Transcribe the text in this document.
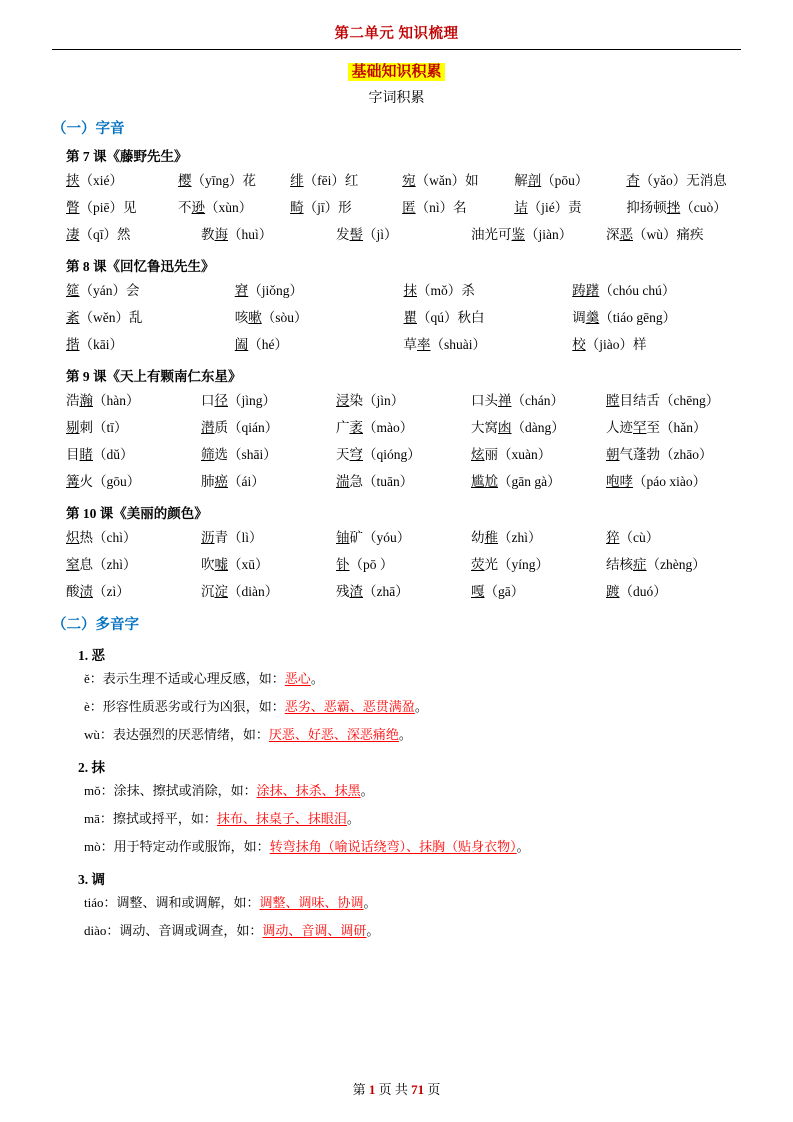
第二单元 知识梳理
基础知识积累
字词积累
（一）字音
第 7 课《藤野先生》
挟（xié）	樱（yīng）花	绯（fēi）红	宛（wǎn）如	解剖（pōu）	杳（yǎo）无消息
瞥（piē）见	不逊（xùn）	畸（jī）形	匿（nì）名	诘（jié）责	抑扬顿挫（cuò）
凄（qī）然	教诲（huì）	发髻（jì）	油光可鉴（jiàn）	深恶（wù）痛疾
第 8 课《回忆鲁迅先生》
筵（yán）会	窘（jiǒng）	抹（mǒ）杀	踌躇（chóu chú）
紊（wěn）乱	咳嗽（sòu）	瞿（qú）秋白	调羹（tiáo gēng）
揩（kāi）	阖（hé）	草率（shuài）	校（jiào）样
第 9 课《天上有颗南仁东星》
浩瀚（hàn）	口径（jìng）	浸染（jìn）	口头禅（chán）	瞠目结舌（chēng）
剔刺（tī）	潜质（qián）	广袤（mào）	大窝凼（dàng）	人迹罕至（hǎn）
目睹（dǔ）	筛选（shāi）	天穹（qióng）	炫丽（xuàn）	朝气蓬勃（zhāo）
篝火（gōu）	肺癌（ái）	湍急（tuān）	尴尬（gān gà）	咆哮（páo xiào）
第 10 课《美丽的颜色》
炽热（chì）	沥青（lì）	铀矿（yóu）	幼稚（zhì）	猝（cù）
窒息（zhì）	吹嘘（xū）	钋（pō ）	荧光（yíng）	结核症（zhèng）
酸渍（zì）	沉淀（diàn）	残渣（zhā）	嘎（gā）	踱（duó）
（二）多音字
1. 恶
ě：表示生理不适或心理反感，如：恶心。
è：形容性质恶劣或行为凶狠，如：恶劣、恶霸、恶贯满盈。
wù：表达强烈的厌恶情绪，如：厌恶、好恶、深恶痛绝。
2. 抹
mǒ：涂抹、擦拭或消除，如：涂抹、抹杀、抹黑。
mā：擦拭或捋平，如：抹布、抹桌子、抹眼泪。
mò：用于特定动作或服饰，如：转弯抹角（喻说话绕弯）、抹胸（贴身衣物）。
3. 调
tiáo：调整、调和或调解，如：调整、调味、协调。
diào：调动、音调或调查，如：调动、音调、调研。
第 1 页 共 71 页
